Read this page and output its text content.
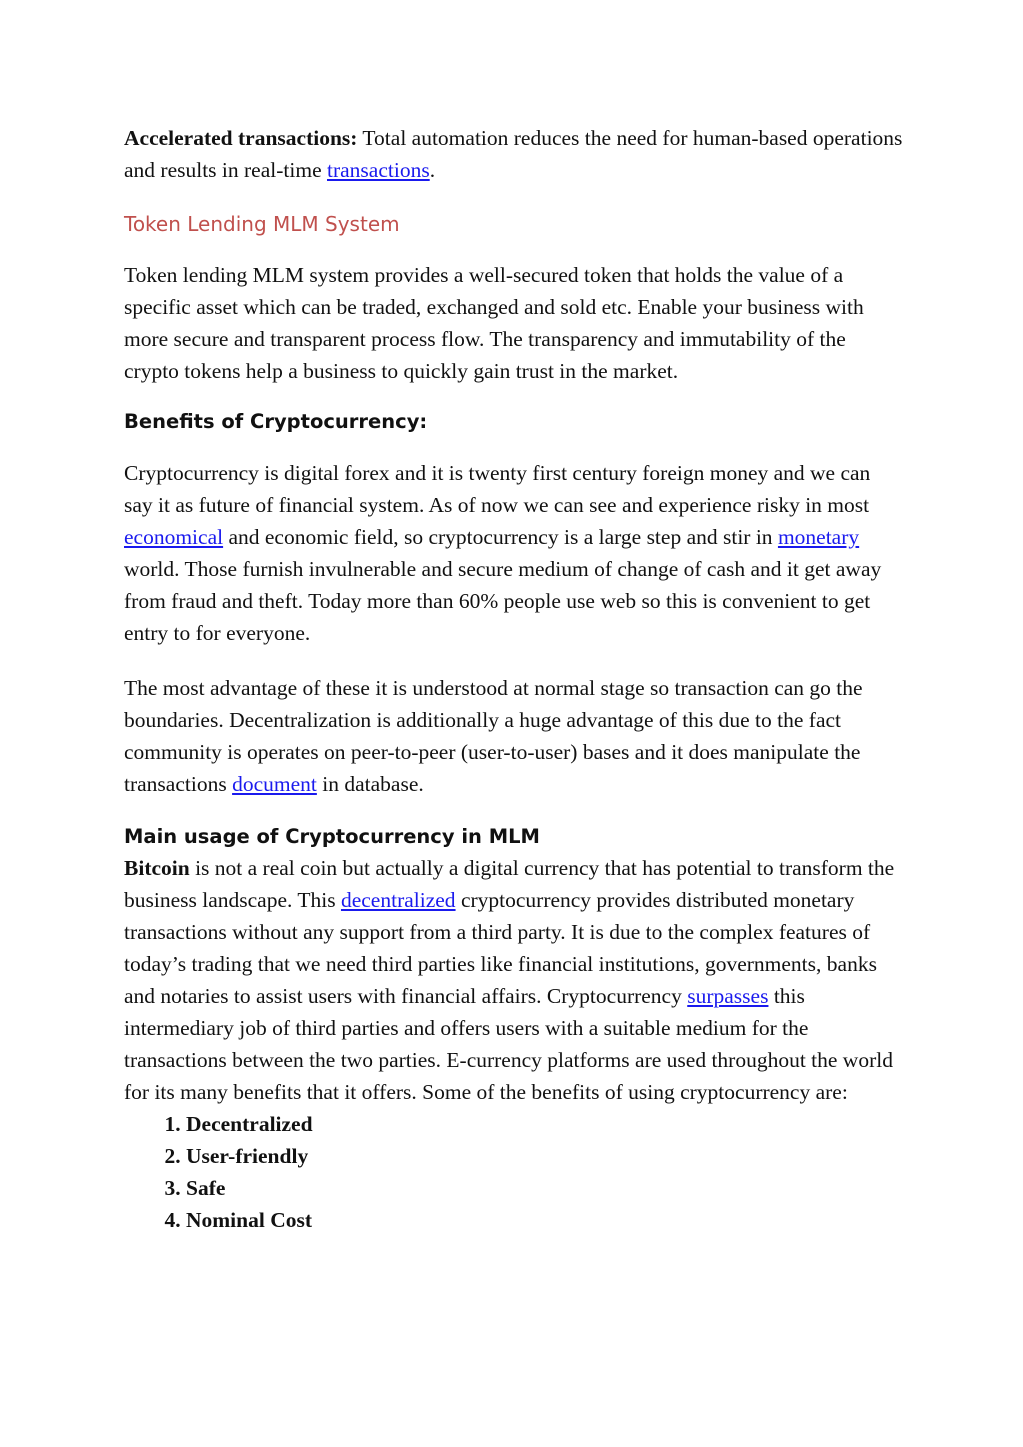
Accelerated transactions: Total automation reduces the need for human-based operations and results in real-time transactions.

Token Lending MLM System

Token lending MLM system provides a well-secured token that holds the value of a specific asset which can be traded, exchanged and sold etc. Enable your business with more secure and transparent process flow. The transparency and immutability of the crypto tokens help a business to quickly gain trust in the market.

Benefits of Cryptocurrency:

Cryptocurrency is digital forex and it is twenty first century foreign money and we can say it as future of financial system. As of now we can see and experience risky in most economical and economic field, so cryptocurrency is a large step and stir in monetary world. Those furnish invulnerable and secure medium of change of cash and it get away from fraud and theft. Today more than 60% people use web so this is convenient to get entry to for everyone.

The most advantage of these it is understood at normal stage so transaction can go the boundaries. Decentralization is additionally a huge advantage of this due to the fact community is operates on peer-to-peer (user-to-user) bases and it does manipulate the transactions document in database.

Main usage of Cryptocurrency in MLM

Bitcoin is not a real coin but actually a digital currency that has potential to transform the business landscape. This decentralized cryptocurrency provides distributed monetary transactions without any support from a third party. It is due to the complex features of today’s trading that we need third parties like financial institutions, governments, banks and notaries to assist users with financial affairs. Cryptocurrency surpasses this intermediary job of third parties and offers users with a suitable medium for the transactions between the two parties. E-currency platforms are used throughout the world for its many benefits that it offers. Some of the benefits of using cryptocurrency are:

1. Decentralized
2. User-friendly
3. Safe
4. Nominal Cost
